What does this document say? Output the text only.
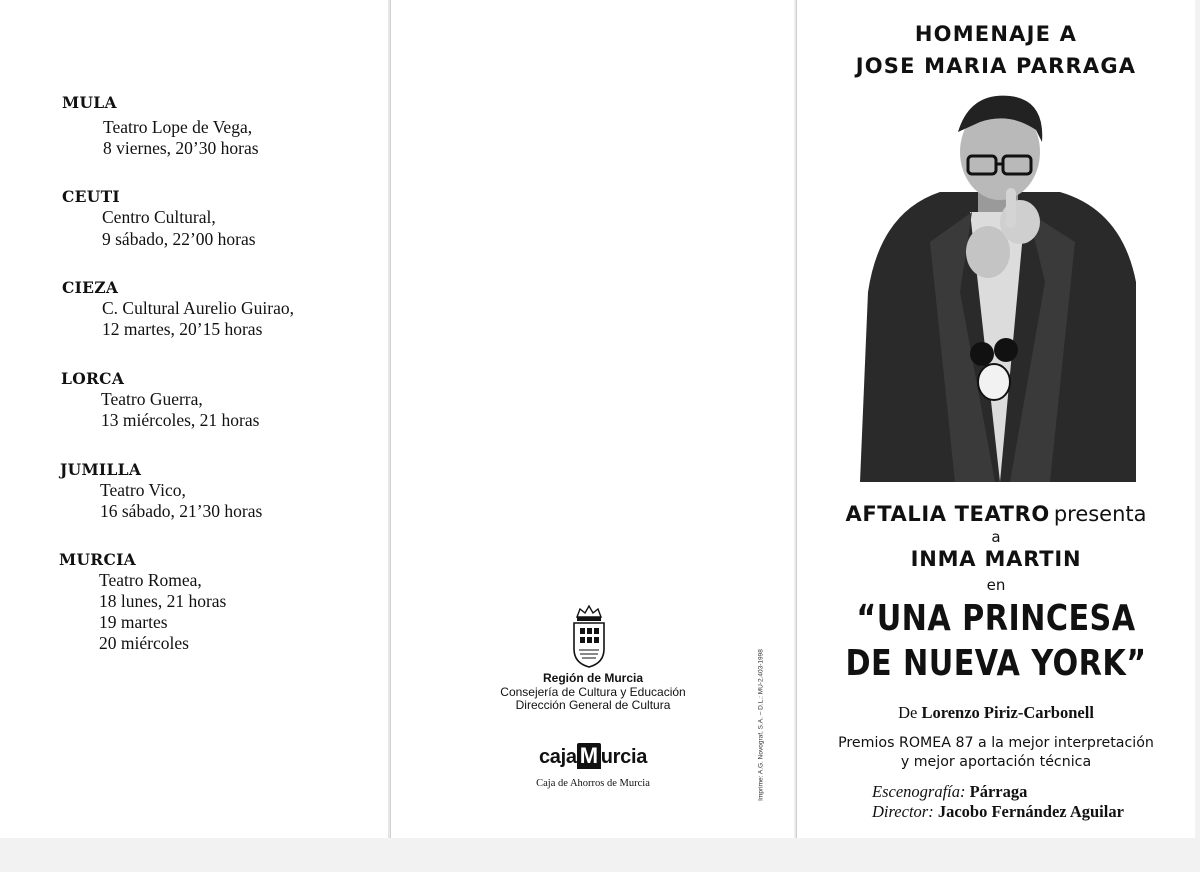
MULA
Teatro Lope de Vega,
8 viernes, 20’30 horas
CEUTI
Centro Cultural,
9 sábado, 22’00 horas
CIEZA
C. Cultural Aurelio Guirao,
12 martes, 20’15 horas
LORCA
Teatro Guerra,
13 miércoles, 21 horas
JUMILLA
Teatro Vico,
16 sábado, 21’30 horas
MURCIA
Teatro Romea,
18 lunes, 21 horas
19 martes
20 miércoles
Región de Murcia
Consejería de Cultura y Educación
Dirección General de Cultura
caja M urcia
Caja de Ahorros de Murcia	Imprime: A.G. Novograf, S.A. – D.L.: MU-2.403-1998
HOMENAJE A
JOSE MARIA PARRAGA
AFTALIA TEATRO presenta
a
INMA MARTIN
en
“UNA PRINCESA
DE NUEVA YORK”
De Lorenzo Piriz-Carbonell
Premios ROMEA 87 a la mejor interpretación
y mejor aportación técnica
Escenografía: Párraga
Director: Jacobo Fernández Aguilar
